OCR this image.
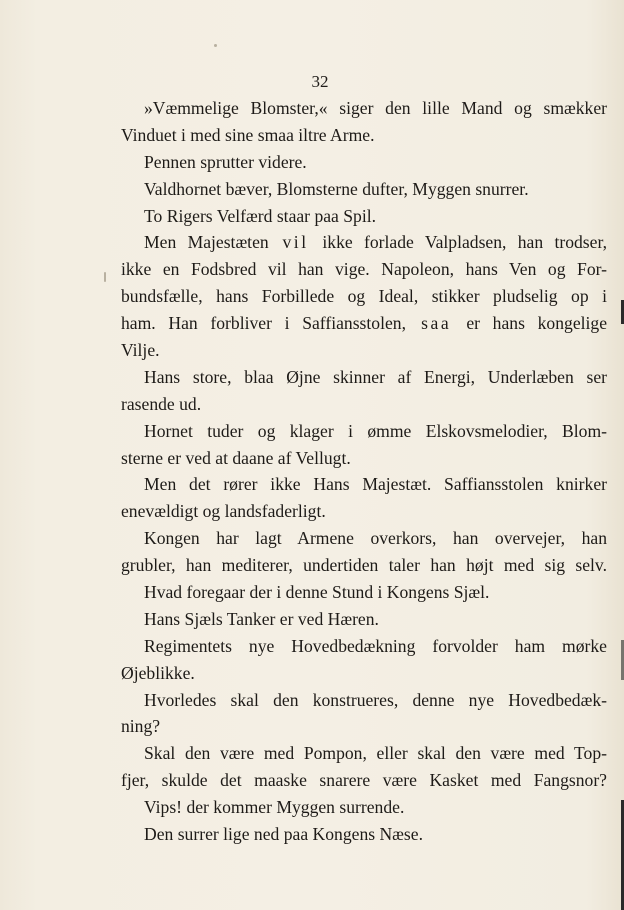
32
»Væmmelige Blomster,« siger den lille Mand og smækker
Vinduet i med sine smaa iltre Arme.
Pennen sprutter videre.
Valdhornet bæver, Blomsterne dufter, Myggen snurrer.
To Rigers Velfærd staar paa Spil.
Men Majestæten vil ikke forlade Valpladsen, han trodser,
ikke en Fodsbred vil han vige. Napoleon, hans Ven og For-
bundsfælle, hans Forbillede og Ideal, stikker pludselig op i
ham. Han forbliver i Saffiansstolen, saa er hans kongelige
Vilje.
Hans store, blaa Øjne skinner af Energi, Underlæben ser
rasende ud.
Hornet tuder og klager i ømme Elskovsmelodier, Blom-
sterne er ved at daane af Vellugt.
Men det rører ikke Hans Majestæt. Saffiansstolen knirker
enevældigt og landsfaderligt.
Kongen har lagt Armene overkors, han overvejer, han
grubler, han mediterer, undertiden taler han højt med sig selv.
Hvad foregaar der i denne Stund i Kongens Sjæl.
Hans Sjæls Tanker er ved Hæren.
Regimentets nye Hovedbedækning forvolder ham mørke
Øjeblikke.
Hvorledes skal den konstrueres, denne nye Hovedbedæk-
ning?
Skal den være med Pompon, eller skal den være med Top-
fjer, skulde det maaske snarere være Kasket med Fangsnor?
Vips! der kommer Myggen surrende.
Den surrer lige ned paa Kongens Næse.
